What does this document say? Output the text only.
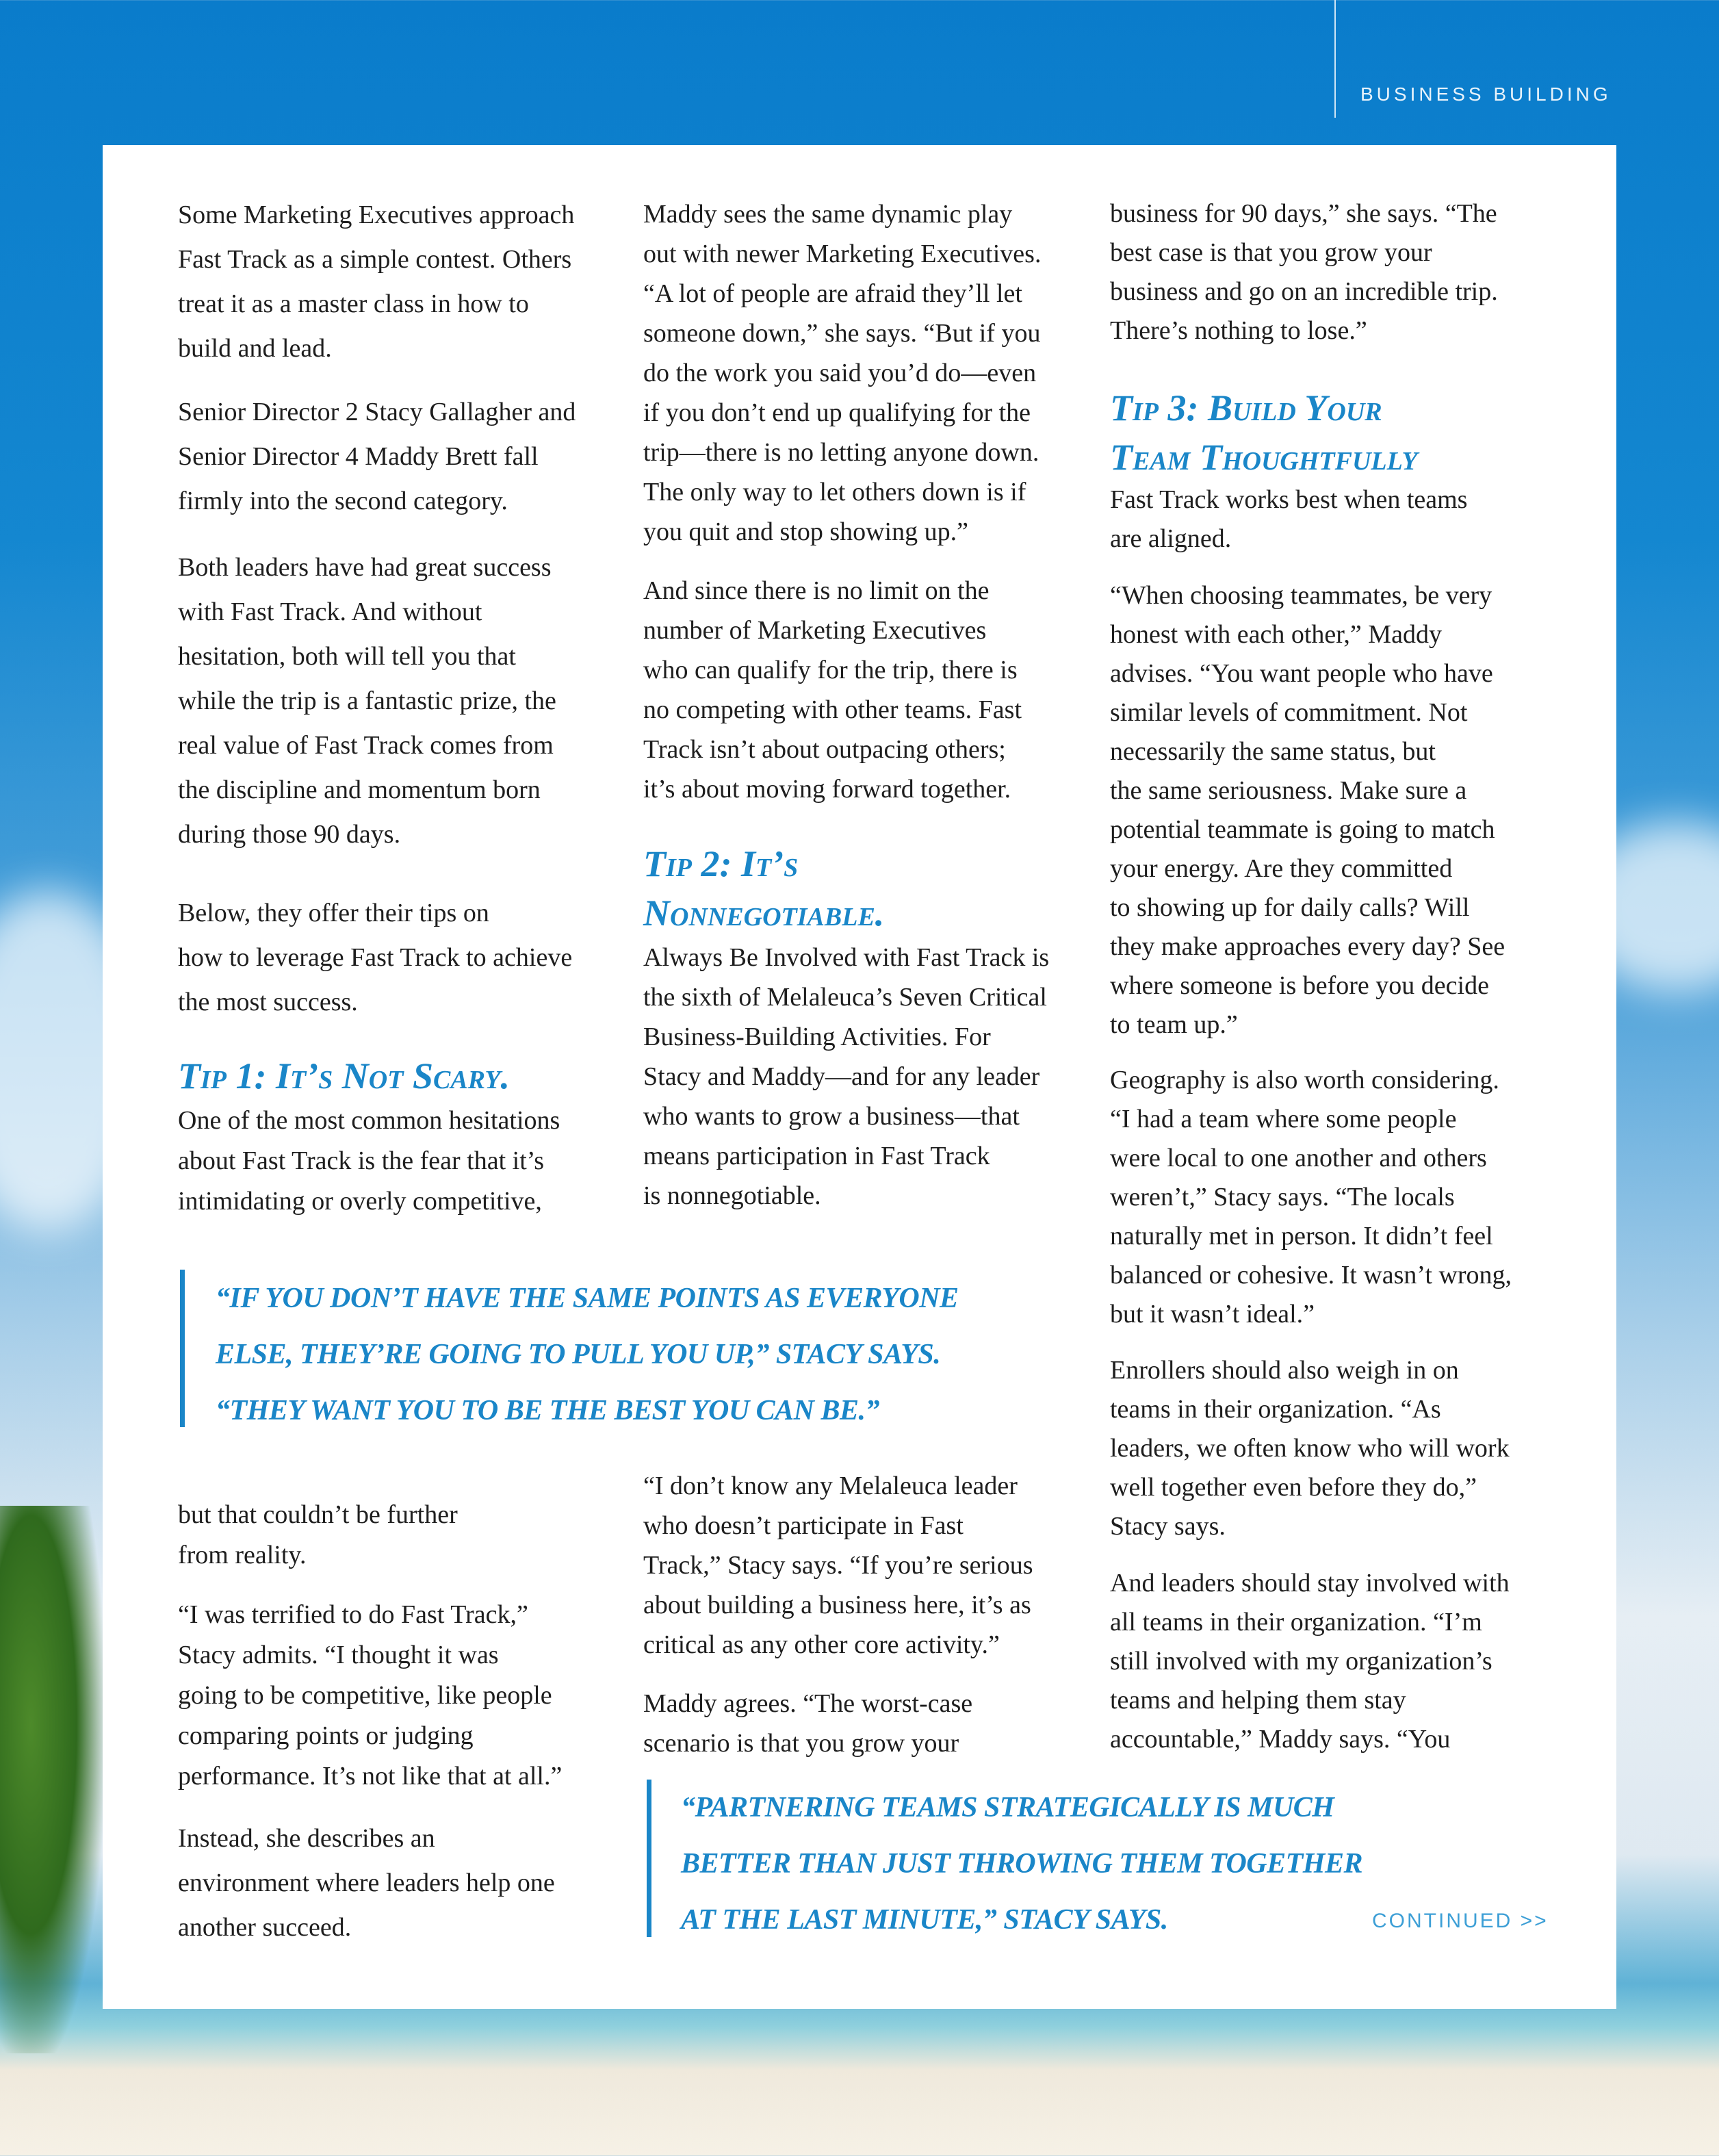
BUSINESS BUILDING
Some Marketing Executives approach
Fast Track as a simple contest. Others
treat it as a master class in how to
build and lead.
Senior Director 2 Stacy Gallagher and
Senior Director 4 Maddy Brett fall
firmly into the second category.
Both leaders have had great success
with Fast Track. And without
hesitation, both will tell you that
while the trip is a fantastic prize, the
real value of Fast Track comes from
the discipline and momentum born
during those 90 days.
Below, they offer their tips on
how to leverage Fast Track to achieve
the most success.
Tip 1: It’s Not Scary.
One of the most common hesitations
about Fast Track is the fear that it’s
intimidating or overly competitive,
“IF YOU DON’T HAVE THE SAME POINTS AS EVERYONE
ELSE, THEY’RE GOING TO PULL YOU UP,” STACY SAYS.
“THEY WANT YOU TO BE THE BEST YOU CAN BE.”
but that couldn’t be further
from reality.
“I was terrified to do Fast Track,”
Stacy admits. “I thought it was
going to be competitive, like people
comparing points or judging
performance. It’s not like that at all.”
Instead, she describes an
environment where leaders help one
another succeed.
Maddy sees the same dynamic play
out with newer Marketing Executives.
“A lot of people are afraid they’ll let
someone down,” she says. “But if you
do the work you said you’d do—even
if you don’t end up qualifying for the
trip—there is no letting anyone down.
The only way to let others down is if
you quit and stop showing up.”
And since there is no limit on the
number of Marketing Executives
who can qualify for the trip, there is
no competing with other teams. Fast
Track isn’t about outpacing others;
it’s about moving forward together.
Tip 2: It’s
Nonnegotiable.
Always Be Involved with Fast Track is
the sixth of Melaleuca’s Seven Critical
Business-Building Activities. For
Stacy and Maddy—and for any leader
who wants to grow a business—that
means participation in Fast Track
is nonnegotiable.
“I don’t know any Melaleuca leader
who doesn’t participate in Fast
Track,” Stacy says. “If you’re serious
about building a business here, it’s as
critical as any other core activity.”
Maddy agrees. “The worst-case
scenario is that you grow your
business for 90 days,” she says. “The
best case is that you grow your
business and go on an incredible trip.
There’s nothing to lose.”
Tip 3: Build Your
Team Thoughtfully
Fast Track works best when teams
are aligned.
“When choosing teammates, be very
honest with each other,” Maddy
advises. “You want people who have
similar levels of commitment. Not
necessarily the same status, but
the same seriousness. Make sure a
potential teammate is going to match
your energy. Are they committed
to showing up for daily calls? Will
they make approaches every day? See
where someone is before you decide
to team up.”
Geography is also worth considering.
“I had a team where some people
were local to one another and others
weren’t,” Stacy says. “The locals
naturally met in person. It didn’t feel
balanced or cohesive. It wasn’t wrong,
but it wasn’t ideal.”
Enrollers should also weigh in on
teams in their organization. “As
leaders, we often know who will work
well together even before they do,”
Stacy says.
And leaders should stay involved with
all teams in their organization. “I’m
still involved with my organization’s
teams and helping them stay
accountable,” Maddy says. “You
“PARTNERING TEAMS STRATEGICALLY IS MUCH
BETTER THAN JUST THROWING THEM TOGETHER
AT THE LAST MINUTE,” STACY SAYS.	CONTINUED >>
